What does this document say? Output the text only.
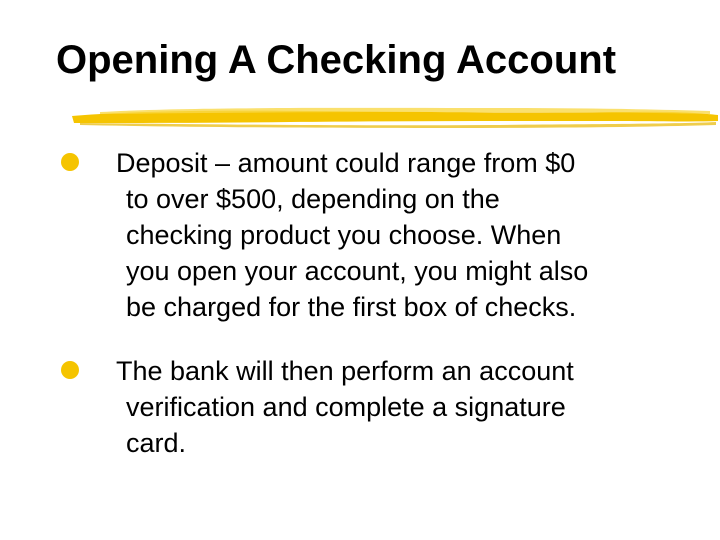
Opening A Checking Account
Deposit – amount could range from $0
to over $500, depending on the
checking product you choose. When
you open your account, you might also
be charged for the first box of checks.
The bank will then perform an account
verification and complete a signature
card.
